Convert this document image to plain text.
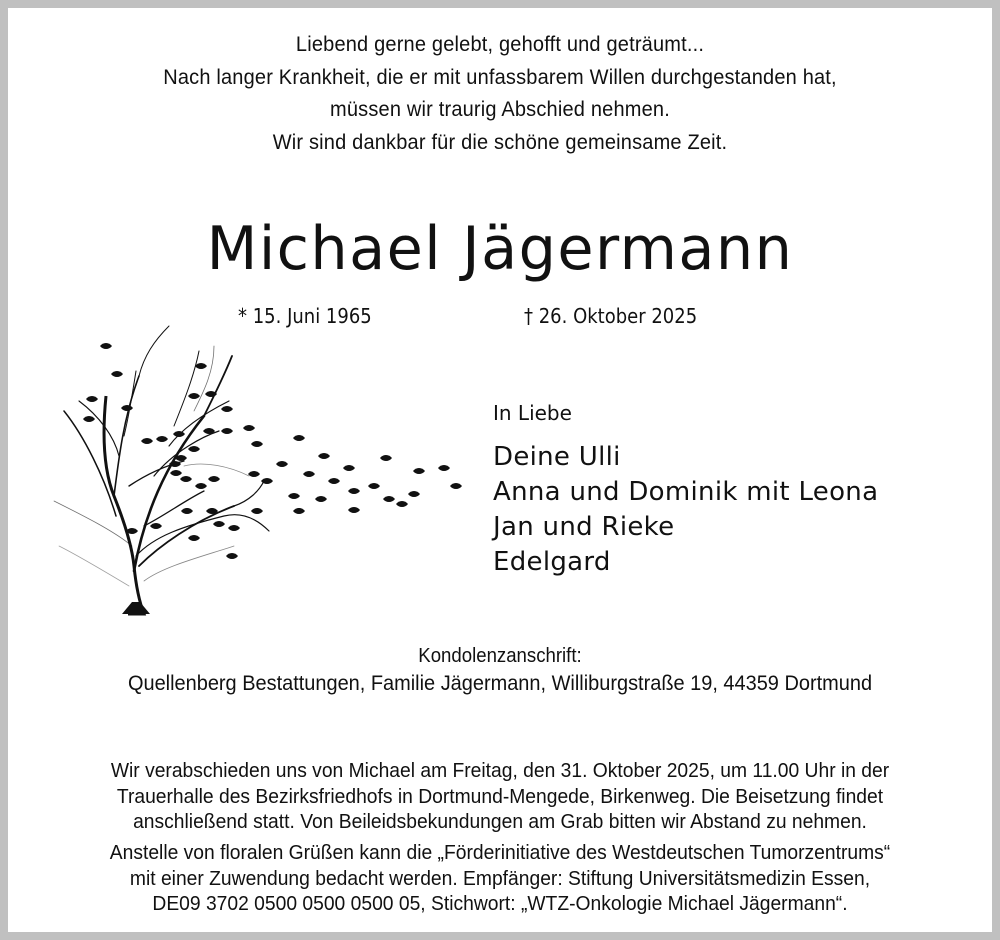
Liebend gerne gelebt, gehofft und geträumt...
Nach langer Krankheit, die er mit unfassbarem Willen durchgestanden hat,
müssen wir traurig Abschied nehmen.
Wir sind dankbar für die schöne gemeinsame Zeit.
Michael Jägermann
* 15. Juni 1965	† 26. Oktober 2025
In Liebe
Deine Ulli
Anna und Dominik mit Leona
Jan und Rieke
Edelgard
Kondolenzanschrift:
Quellenberg Bestattungen, Familie Jägermann, Williburgstraße 19, 44359 Dortmund
Wir verabschieden uns von Michael am Freitag, den 31. Oktober 2025, um 11.00 Uhr in der
Trauerhalle des Bezirksfriedhofs in Dortmund-Mengede, Birkenweg. Die Beisetzung findet
anschließend statt. Von Beileidsbekundungen am Grab bitten wir Abstand zu nehmen.
Anstelle von floralen Grüßen kann die „Förderinitiative des Westdeutschen Tumorzentrums“
mit einer Zuwendung bedacht werden. Empfänger: Stiftung Universitätsmedizin Essen,
DE09 3702 0500 0500 0500 05, Stichwort: „WTZ-Onkologie Michael Jägermann“.
